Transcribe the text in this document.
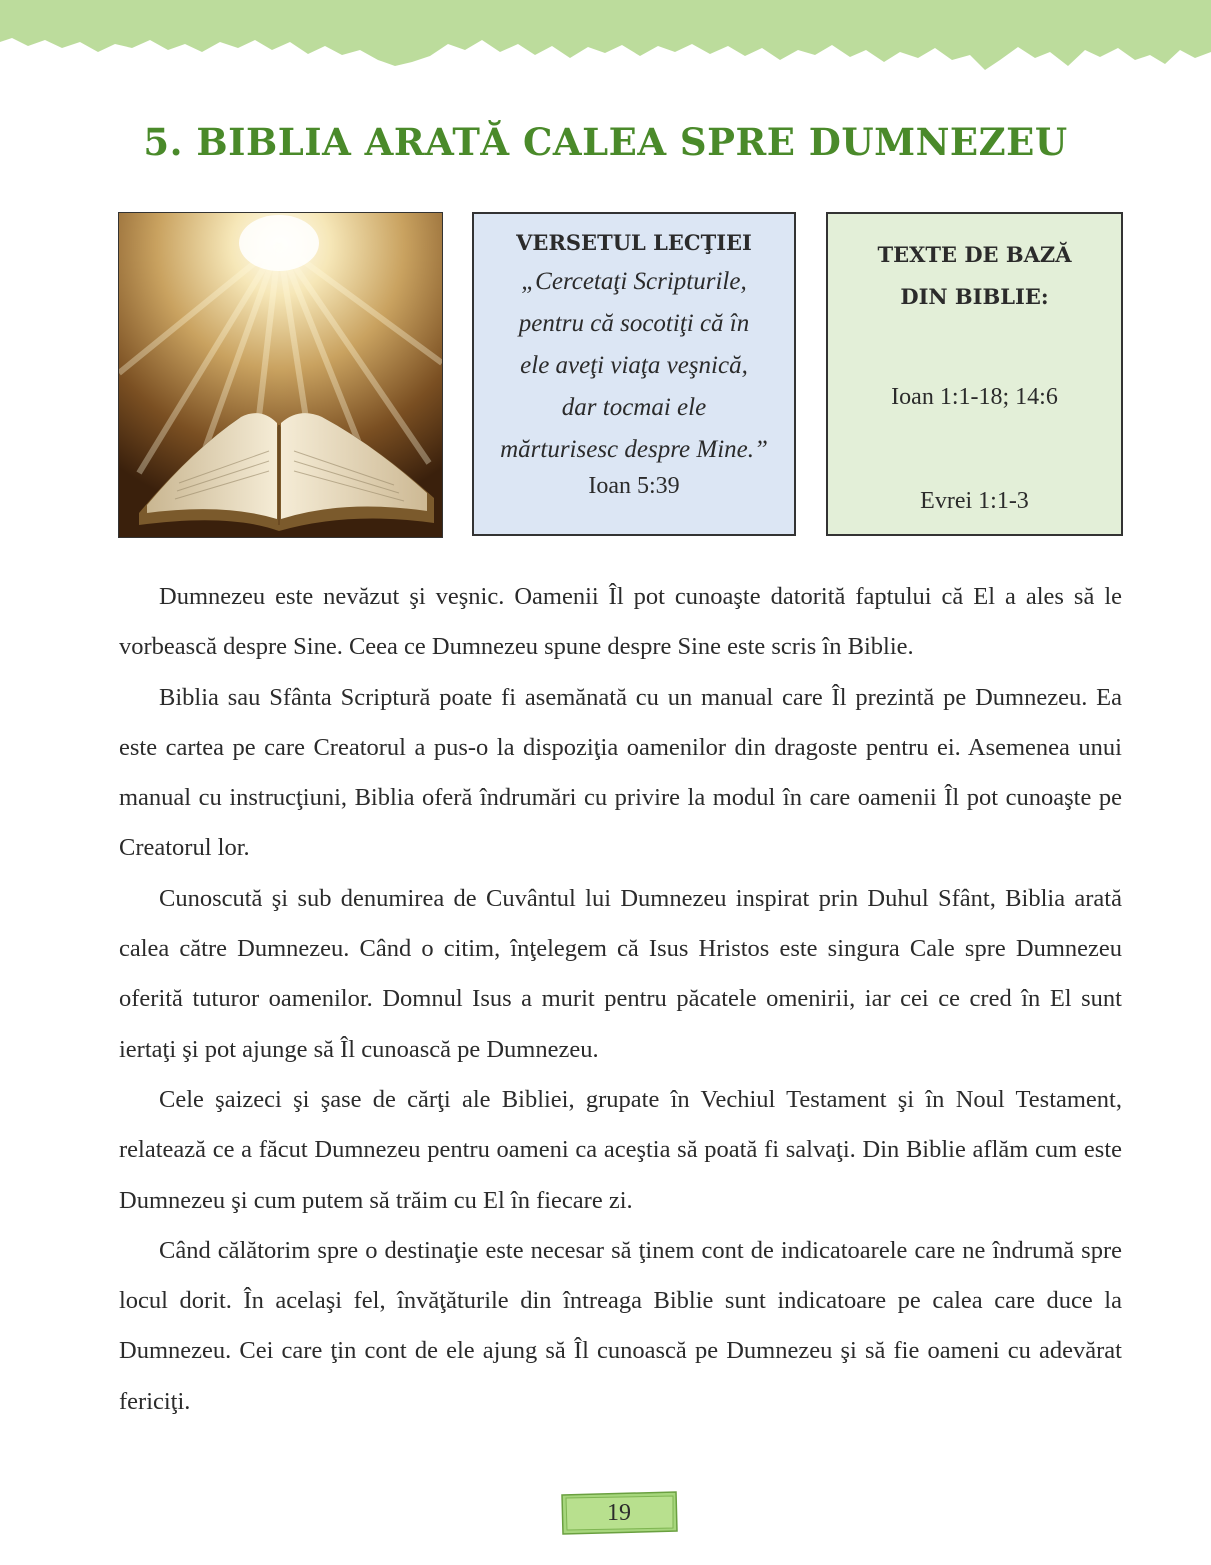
5. BIBLIA ARATĂ CALEA SPRE DUMNEZEU
VERSETUL LECŢIEI
„Cercetaţi Scripturile,
pentru că socotiţi că în
ele aveţi viaţa veşnică,
dar tocmai ele
mărturisesc despre Mine.”
Ioan 5:39
TEXTE DE BAZĂ
DIN BIBLIE:
Ioan 1:1-18; 14:6
Evrei 1:1-3

Dumnezeu este nevăzut şi veşnic. Oamenii Îl pot cunoaşte datorită faptului că El a ales să le vorbească despre Sine. Ceea ce Dumnezeu spune despre Sine este scris în Biblie.

Biblia sau Sfânta Scriptură poate fi asemănată cu un manual care Îl prezintă pe Dumnezeu. Ea este cartea pe care Creatorul a pus-o la dispoziţia oamenilor din dragoste pentru ei. Asemenea unui manual cu instrucţiuni, Biblia oferă îndrumări cu privire la modul în care oamenii Îl pot cunoaşte pe Creatorul lor.

Cunoscută şi sub denumirea de Cuvântul lui Dumnezeu inspirat prin Duhul Sfânt, Biblia arată calea către Dumnezeu. Când o citim, înţelegem că Isus Hristos este singura Cale spre Dumnezeu oferită tuturor oamenilor. Domnul Isus a murit pentru păcatele omenirii, iar cei ce cred în El sunt iertaţi şi pot ajunge să Îl cunoască pe Dumnezeu.

Cele şaizeci şi şase de cărţi ale Bibliei, grupate în Vechiul Testament şi în Noul Testament, relatează ce a făcut Dumnezeu pentru oameni ca aceştia să poată fi salvaţi. Din Biblie aflăm cum este Dumnezeu şi cum putem să trăim cu El în fiecare zi.

Când călătorim spre o destinaţie este necesar să ţinem cont de indicatoarele care ne îndrumă spre locul dorit. În acelaşi fel, învăţăturile din întreaga Biblie sunt indicatoare pe calea care duce la Dumnezeu. Cei care ţin cont de ele ajung să Îl cunoască pe Dumnezeu şi să fie oameni cu adevărat fericiţi.

19
